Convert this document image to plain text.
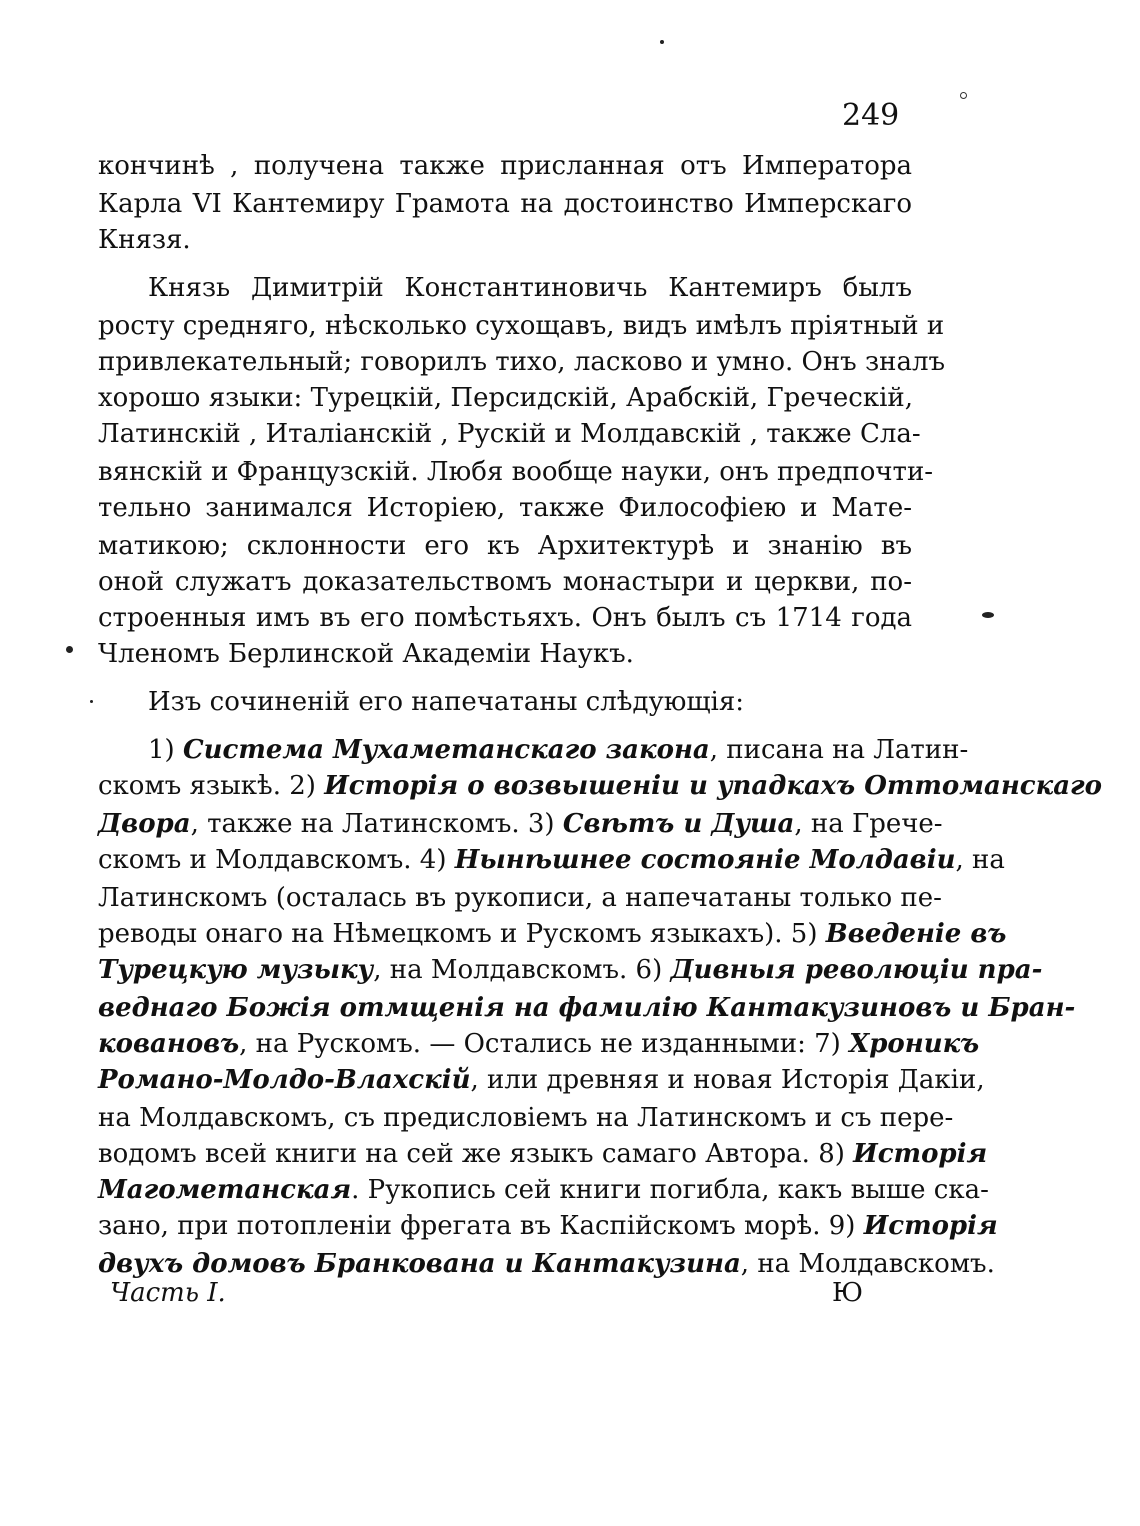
249
кончинѣ , получена также присланная отъ Императора
Карла VI Кантемиру Грамота на достоинство Имперскаго
Князя.
Князь Димитрій Константиновичь Кантемиръ былъ
росту средняго, нѣсколько сухощавъ, видъ имѣлъ пріятный и
привлекательный; говорилъ тихо, ласково и умно. Онъ зналъ
хорошо языки: Турецкій, Персидскій, Арабскій, Греческій,
Латинскій , Италіанскій , Рускій и Молдавскій , также Сла-
вянскій и Французскій. Любя вообще науки, онъ предпочти-
тельно занимался Исторіею, также Философіею и Мате-
матикою; склонности его къ Архитектурѣ и знанію въ
оной служатъ доказательствомъ монастыри и церкви, по-
строенныя имъ въ его помѣстьяхъ. Онъ былъ съ 1714 года
Членомъ Берлинской Академіи Наукъ.
Изъ сочиненій его напечатаны слѣдующія:
1) Система Мухаметанскаго закона, писана на Латин-
скомъ языкѣ. 2) Исторія о возвышеніи и упадкахъ Оттоманскаго
Двора, также на Латинскомъ. 3) Свѣтъ и Душа, на Грече-
скомъ и Молдавскомъ. 4) Нынѣшнее состояніе Молдавіи, на
Латинскомъ (осталась въ рукописи, а напечатаны только пе-
реводы онаго на Нѣмецкомъ и Рускомъ языкахъ). 5) Введеніе въ
Турецкую музыку, на Молдавскомъ. 6) Дивныя революціи пра-
веднаго Божія отмщенія на фамилію Кантакузиновъ и Бран-
ковановъ, на Рускомъ. — Остались не изданными: 7) Хроникъ
Романо-Молдо-Влахскій, или древняя и новая Исторія Дакіи,
на Молдавскомъ, съ предисловіемъ на Латинскомъ и съ пере-
водомъ всей книги на сей же языкъ самаго Автора. 8) Исторія
Магометанская. Рукопись сей книги погибла, какъ выше ска-
зано, при потопленіи фрегата въ Каспійскомъ морѣ. 9) Исторія
двухъ домовъ Бранкована и Кантакузина, на Молдавскомъ.
Часть I.	Ю
